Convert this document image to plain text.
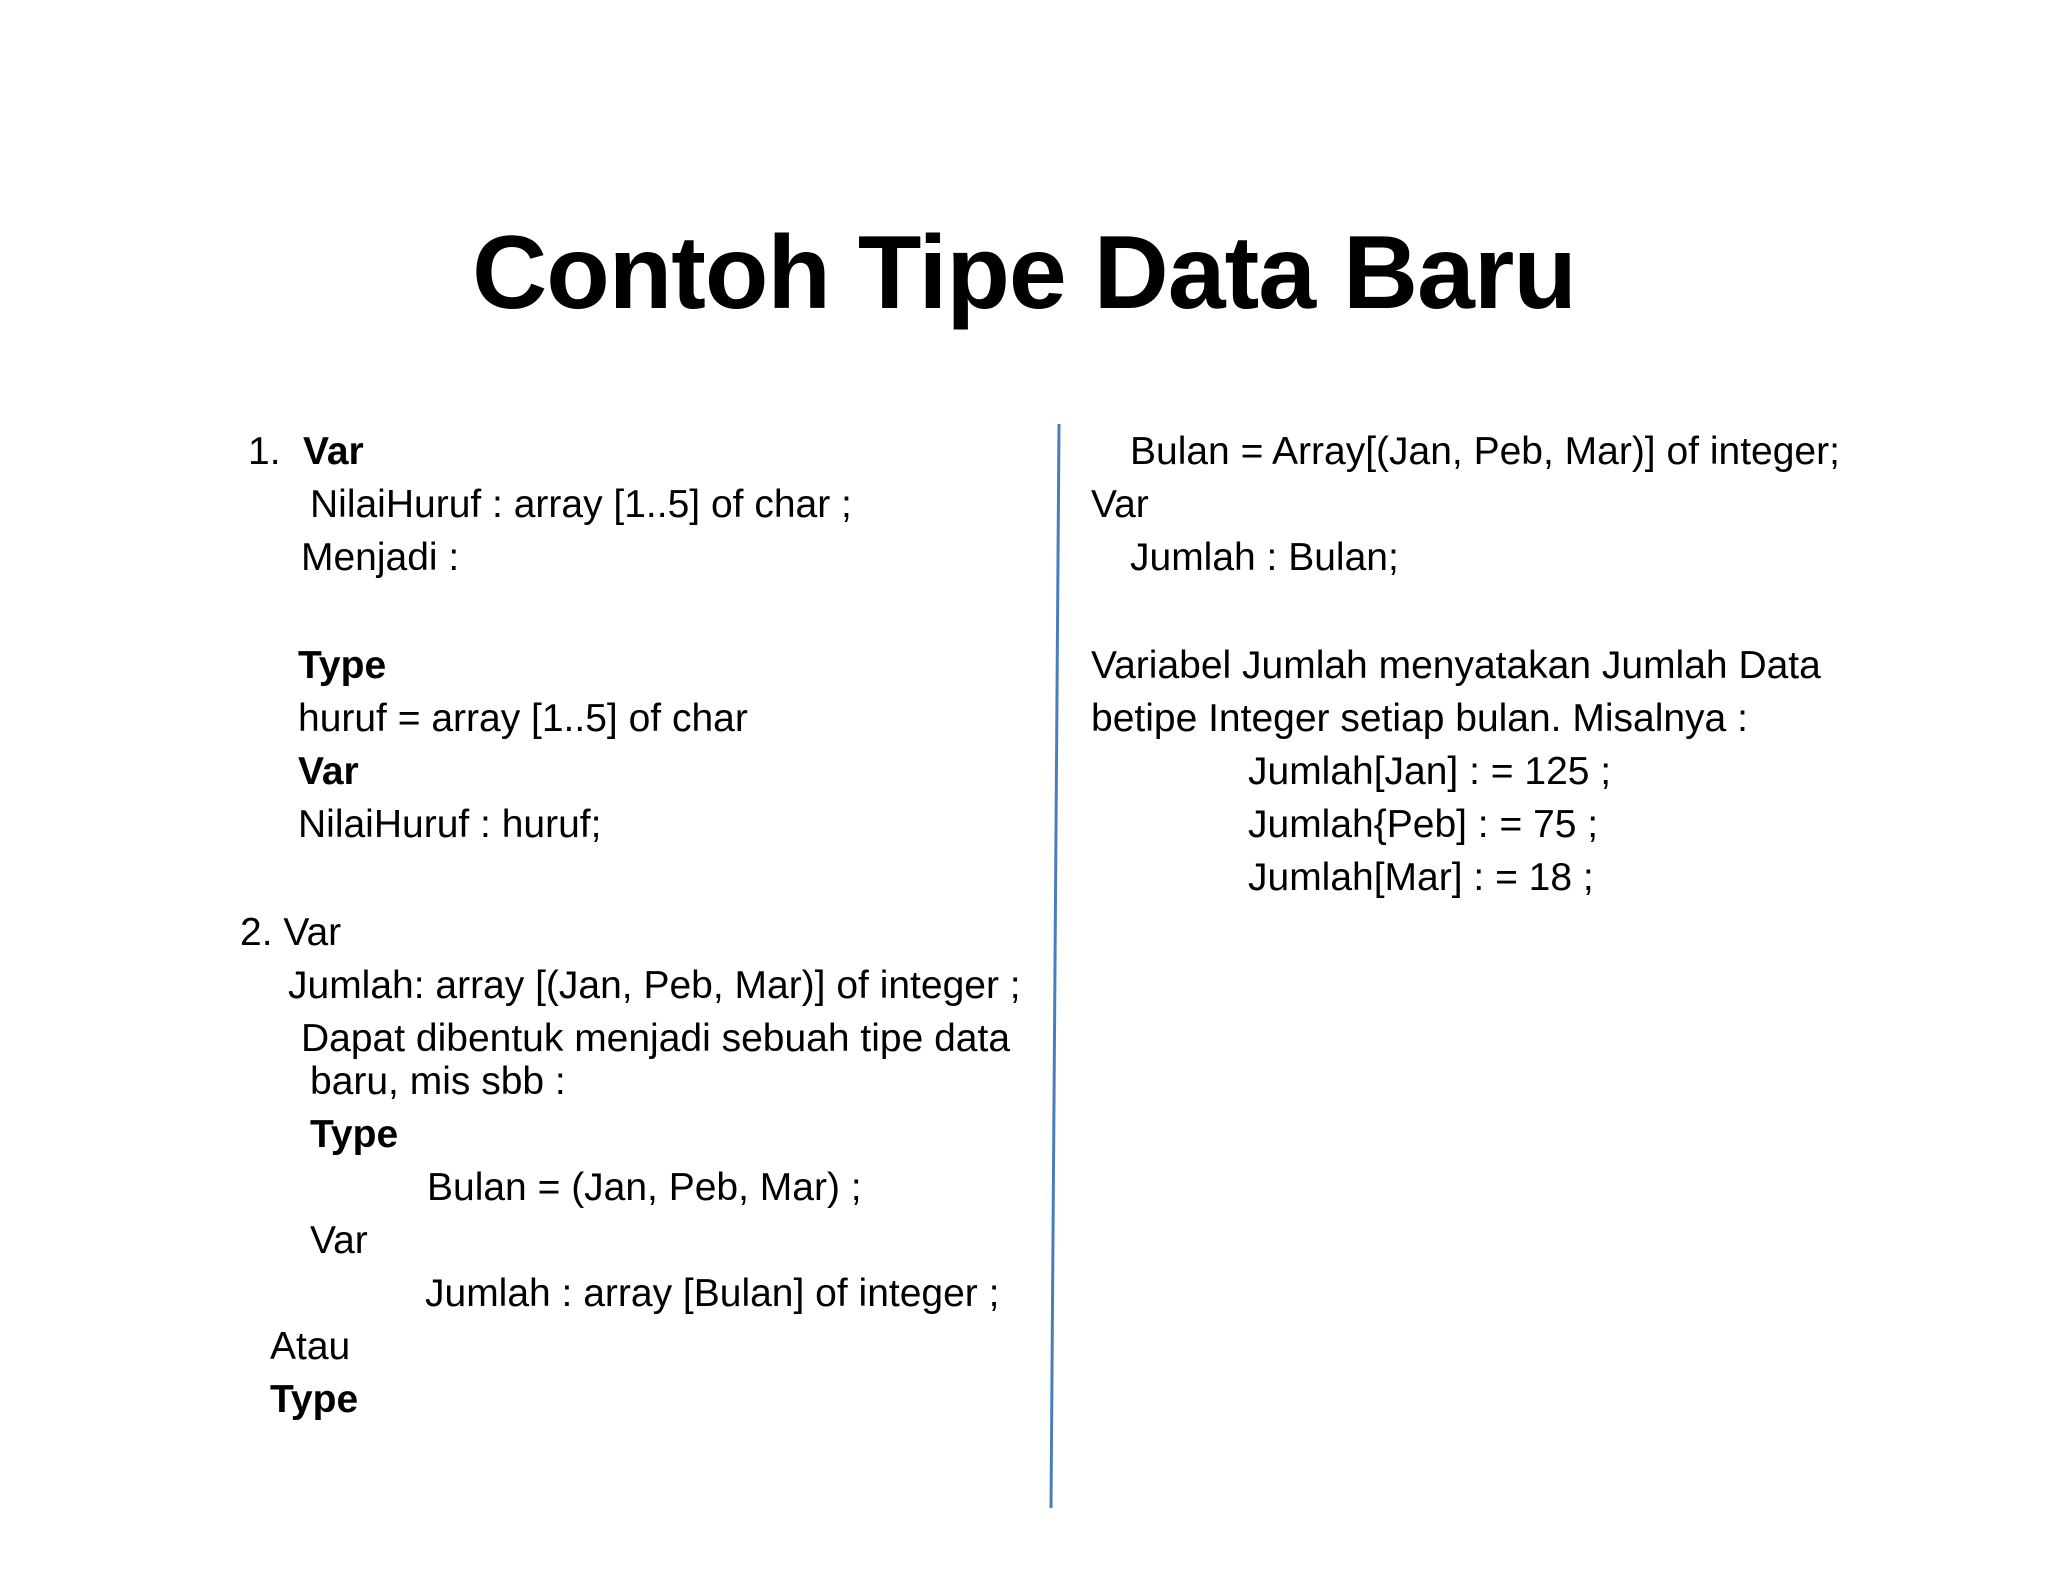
Contoh Tipe Data Baru
1. Var
NilaiHuruf : array [1..5] of char ;
Menjadi :
Type
huruf = array [1..5] of char
Var
NilaiHuruf : huruf;
2. Var
Jumlah: array [(Jan, Peb, Mar)] of integer ;
Dapat dibentuk menjadi sebuah tipe data
baru, mis sbb :
Type
Bulan = (Jan, Peb, Mar) ;
Var
Jumlah : array [Bulan] of integer ;
Atau
Type
Bulan = Array[(Jan, Peb, Mar)] of integer;
Var
Jumlah : Bulan;
Variabel Jumlah menyatakan Jumlah Data
betipe Integer setiap bulan. Misalnya :
Jumlah[Jan] : = 125 ;
Jumlah{Peb] : = 75 ;
Jumlah[Mar] : = 18 ;
